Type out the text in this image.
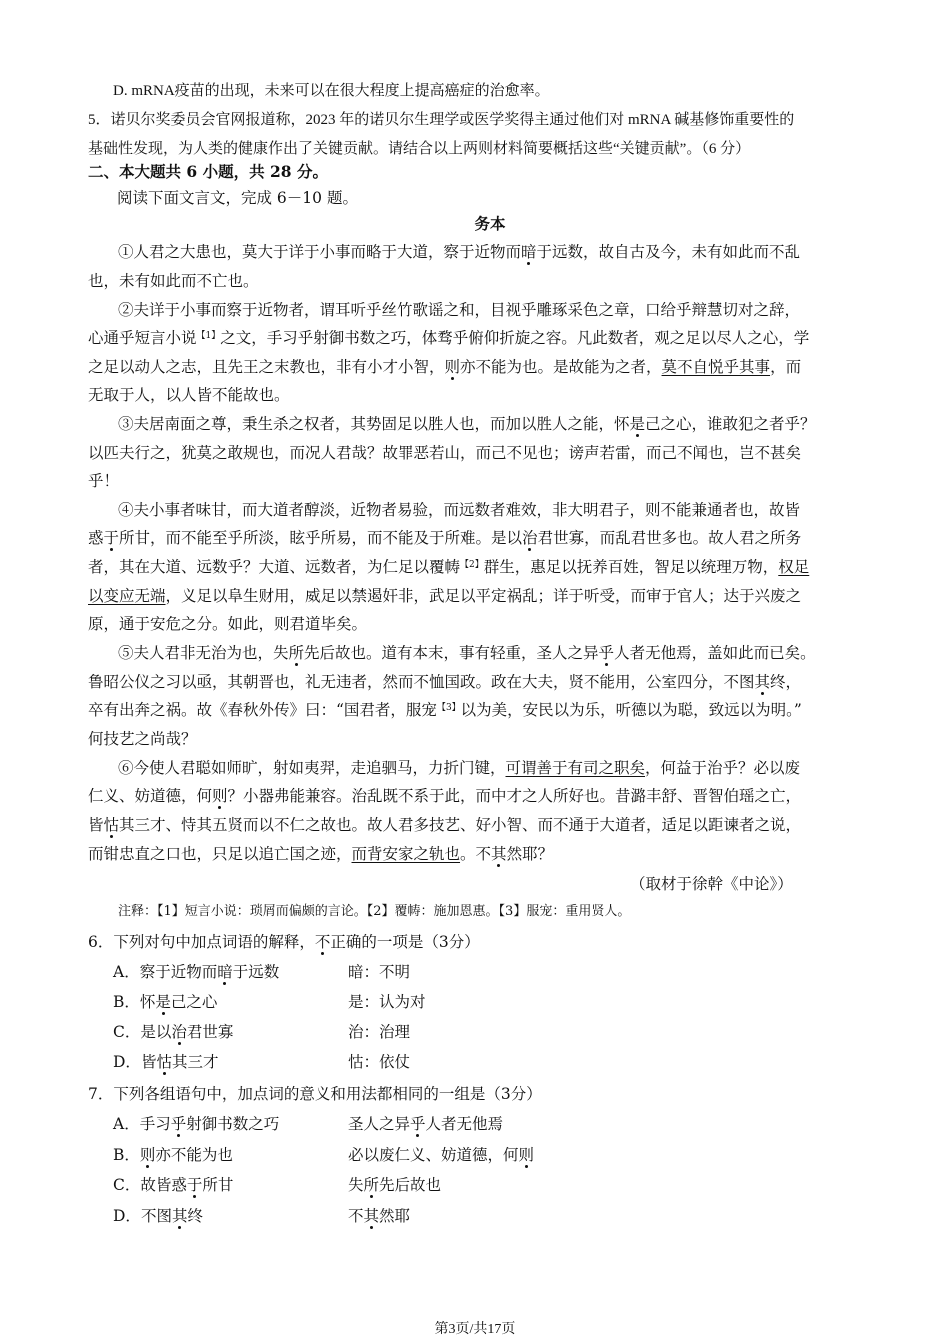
D. mRNA疫苗的出现，未来可以在很大程度上提高癌症的治愈率。
5．诺贝尔奖委员会官网报道称，2023 年的诺贝尔生理学或医学奖得主通过他们对 mRNA 碱基修饰重要性的
基础性发现，为人类的健康作出了关键贡献。请结合以上两则材料简要概括这些“关键贡献”。（6 分）
二、本大题共 6 小题，共 28 分。
阅读下面文言文，完成 6－10 题。
务本
①人君之大患也，莫大于详于小事而略于大道，察于近物而暗于远数，故自古及今，未有如此而不乱
也，未有如此而不亡也。
②夫详于小事而察于近物者，谓耳听乎丝竹歌谣之和，目视乎雕琢采色之章，口给乎辩慧切对之辞，
心通乎短言小说$^{【1】}$之文，手习乎射御书数之巧，体骛乎俯仰折旋之容。凡此数者，观之足以尽人之心，学
之足以动人之志，且先王之末教也，非有小才小智，则亦不能为也。是故能为之者，莫不自悦乎其事，而
无取于人，以人皆不能故也。
③夫居南面之尊，秉生杀之权者，其势固足以胜人也，而加以胜人之能，怀是己之心，谁敢犯之者乎？
以匹夫行之，犹莫之敢规也，而况人君哉？故罪恶若山，而己不见也；谤声若雷，而己不闻也，岂不甚矣
乎！
④夫小事者味甘，而大道者醇淡，近物者易验，而远数者难效，非大明君子，则不能兼通者也，故皆
惑于所甘，而不能至乎所淡，眩乎所易，而不能及于所难。是以治君世寡，而乱君世多也。故人君之所务
者，其在大道、远数乎？大道、远数者，为仁足以覆帱$^{【2】}$群生，惠足以抚养百姓，智足以统理万物，权足
以变应无端，义足以阜生财用，威足以禁遏奸非，武足以平定祸乱；详于听受，而审于官人；达于兴废之
原，通于安危之分。如此，则君道毕矣。
⑤夫人君非无治为也，失所先后故也。道有本末，事有轻重，圣人之异乎人者无他焉，盖如此而已矣。
鲁昭公仪之习以亟，其朝晋也，礼无违者，然而不恤国政。政在大夫，贤不能用，公室四分，不图其终，
卒有出奔之祸。故《春秋外传》曰：“国君者，服宠$^{【3】}$以为美，安民以为乐，听德以为聪，致远以为明。”
何技艺之尚哉？
⑥今使人君聪如师旷，射如夷羿，走追驷马，力折门键，可谓善于有司之职矣，何益于治乎？必以废
仁义、妨道德，何则？小器弗能兼容。治乱既不系于此，而中才之人所好也。昔潞丰舒、晋智伯瑶之亡，
皆怙其三才、恃其五贤而以不仁之故也。故人君多技艺、好小智、而不通于大道者，适足以距谏者之说，
而钳忠直之口也，只足以追亡国之迹，而背安家之轨也。不其然耶？
（取材于徐幹《中论》）
注释：【1】短言小说：琐屑而偏颇的言论。【2】覆帱：施加恩惠。【3】服宠：重用贤人。
6．下列对句中加点词语的解释，不正确的一项是（3分）
A．察于近物而暗于远数	暗：不明
B．怀是己之心	是：认为对
C．是以治君世寡	治：治理
D．皆怙其三才	怙：依仗
7．下列各组语句中，加点词的意义和用法都相同的一组是（3分）
A．手习乎射御书数之巧	圣人之异乎人者无他焉
B．则亦不能为也	必以废仁义、妨道德，何则
C．故皆惑于所甘	失所先后故也
D．不图其终	不其然耶
第3页/共17页
